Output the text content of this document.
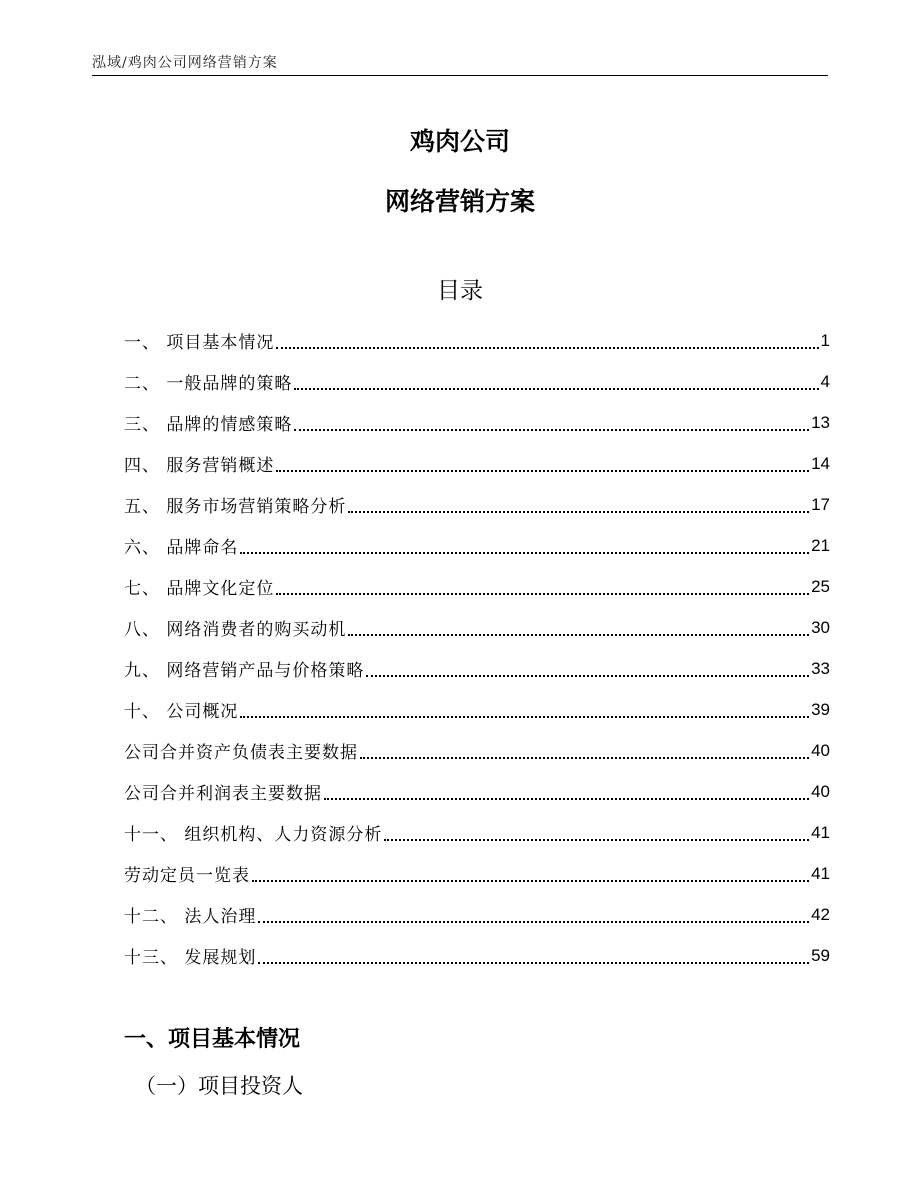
泓域/鸡肉公司网络营销方案
鸡肉公司
网络营销方案
目录
一、 项目基本情况	1
二、 一般品牌的策略	4
三、 品牌的情感策略	13
四、 服务营销概述	14
五、 服务市场营销策略分析	17
六、 品牌命名	21
七、 品牌文化定位	25
八、 网络消费者的购买动机	30
九、 网络营销产品与价格策略	33
十、 公司概况	39
公司合并资产负债表主要数据	40
公司合并利润表主要数据	40
十一、 组织机构、人力资源分析	41
劳动定员一览表	41
十二、 法人治理	42
十三、 发展规划	59
一、项目基本情况
（一）项目投资人
